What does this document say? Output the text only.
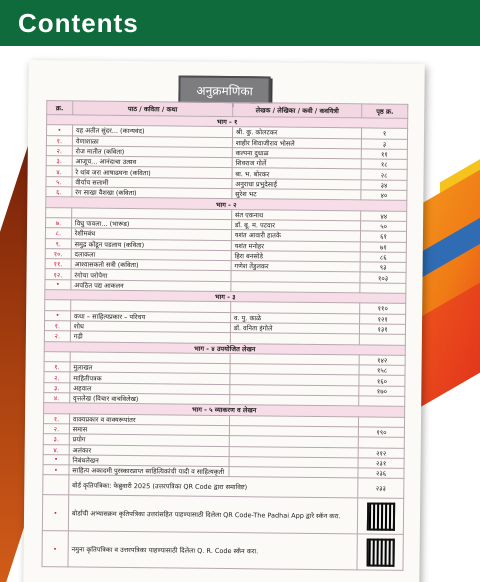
Contents
अनुक्रमणिका
क्र.	पाठ / कविता / कथा	लेखक / लेखिका / कवी / कवयित्री	पृष्ठ क्र.
भाग - १			
•	यह अतीत सुंदर... (कान्यवंद)	श्री. कु. कोलटकर	१
१.	येणाशाळा	शाहीर शिवाजीराव भोसले	३
२.	रोज मातीत (कविता)	कल्पना दुधाळ	११
३.	आजूच... आनंदाचा उत्सव	शिवराज गोर्ले	१८
४.	रे थांब जरा आषाढघना (कविता)	बा. भ. बोरकर	२८
५.	वीर्याच सलामी	अनुराधा प्रभुदेसाई	३४
६.	रंग साखा वैशखा (कविता)	सुरेश भट	४०
भाग - २			
		संत एकनाथ	४४
७.	विधु पावला... (भारूड)	डॉ. बू. म. पटवार	५०
८.	रेशीमबंध	यशंत आवारी हातके	६१
९.	समुद्र कोंडून पडलाय (कविता)	यशंत मनोहर	७१
१०.	दलाकला	हिरा बनसोडे	८६
११.	आश्वासकतो सत्री (कविता)	गणेश तेंडुलकर	९३
१२.	रंगोचा परोपेगा		१०३
•	अपठित पद्य आकलन		
भाग - ३			
			११०
•	कथा – साहित्यप्रकार – परिचय	व. पु. काळे	१२१
१.	शोध	डॉ. वनिता इंगोले	१३१
२.	गढी		
भाग - ४ उपयोजित लेखन			
			१४२
१.	मुलाखत		१५८
२.	माहितीपत्रक		१६०
३.	अहवाल		१७०
४.	वृत्तलेख (विचार वाचविलेख)		
भाग - ५ व्याकरण व लेखन			
१.	वाक्यप्रकार व वाक्यरूपांतर		
२.	समास		१९०
३.	प्रयोग		
४.	अलंकार		२१२
•	निबंधलेखन		२३१
•	साहित्य अकादमी पुरस्कारप्राप्त साहित्यिकांची यादी व साहित्यकृती		२३६
	बोर्ड कृतिपत्रिका: फेब्रुवारी 2025 (उत्तरपत्रिका QR Code द्वारा समाविष्ट)		२३३
•	बोर्डाची अभ्यासक्रम कृतिपत्रिका उत्तरांसहित पाहण्यासाठी दिलेला QR Code-The Padhai App द्वारे स्कॅन करा.		

•	नमुना कृतिपत्रिका व उत्तरपत्रिका पाहण्यासाठी दिलेला Q. R. Code स्कॅन करा.		
